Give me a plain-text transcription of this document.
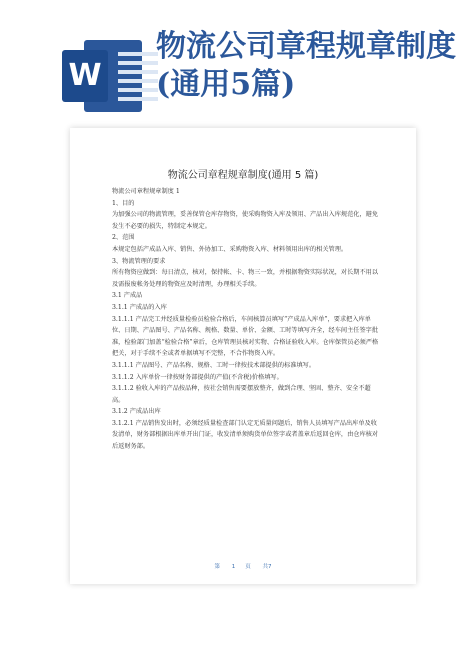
W
物流公司章程规章制度(通用5篇)
物流公司章程规章制度(通用 5 篇)

物流公司章程规章制度 1

1、目的

为加强公司的物流管理，妥善保管仓库存物资，使采购物资入库及领用、产品出入库规范化，避免发生不必要的损失，特制定本规定。

2、范围

本规定包括产成品入库、销售、外协加工、采购物资入库、材料领用出库的相关管理。

3、物流管理的要求

所有物资应做到：每日清点，核对，保持帐、卡、物三一致，并根据物资实际状况，对长期不用以及需报废帐务处理的物资应及时清理，办理相关手续。

3.1 产成品

3.1.1 产成品的入库

3.1.1.1 产品完工并经质量检验员检验合格后，车间核算员填写“产成品入库单”，要求把入库单位、日期、产品图号、产品名称、规格、数量、单价、金额、工时等填写齐全，经车间主任签字批准，检验部门加盖“检验合格”章后，仓库管理员核对实物、合格证验收入库。仓库保管员必须严格把关，对于手续不全或者单据填写不完整，不合作物资入库。

3.1.1.1 产品图号、产品名称、规格、工时一律按技术部提供的标准填写。

3.1.1.2 入库单价一律按财务部提供的产值(不含税)价格填写。

3.1.1.2 验收入库的产品按品种，按社会销售需要摆放整齐，做到合理、坚固、整齐、安全不超高。

3.1.2 产成品出库

3.1.2.1 产品销售发出时，必须经质量检查部门认定无质量问题后，销售人员填写产品出库单及收发清单，财务部根据出库单开出门证，收发清单须购货单位签字或者盖章后返回仓库，由仓库核对后返财务部。

第 1 页 共7
